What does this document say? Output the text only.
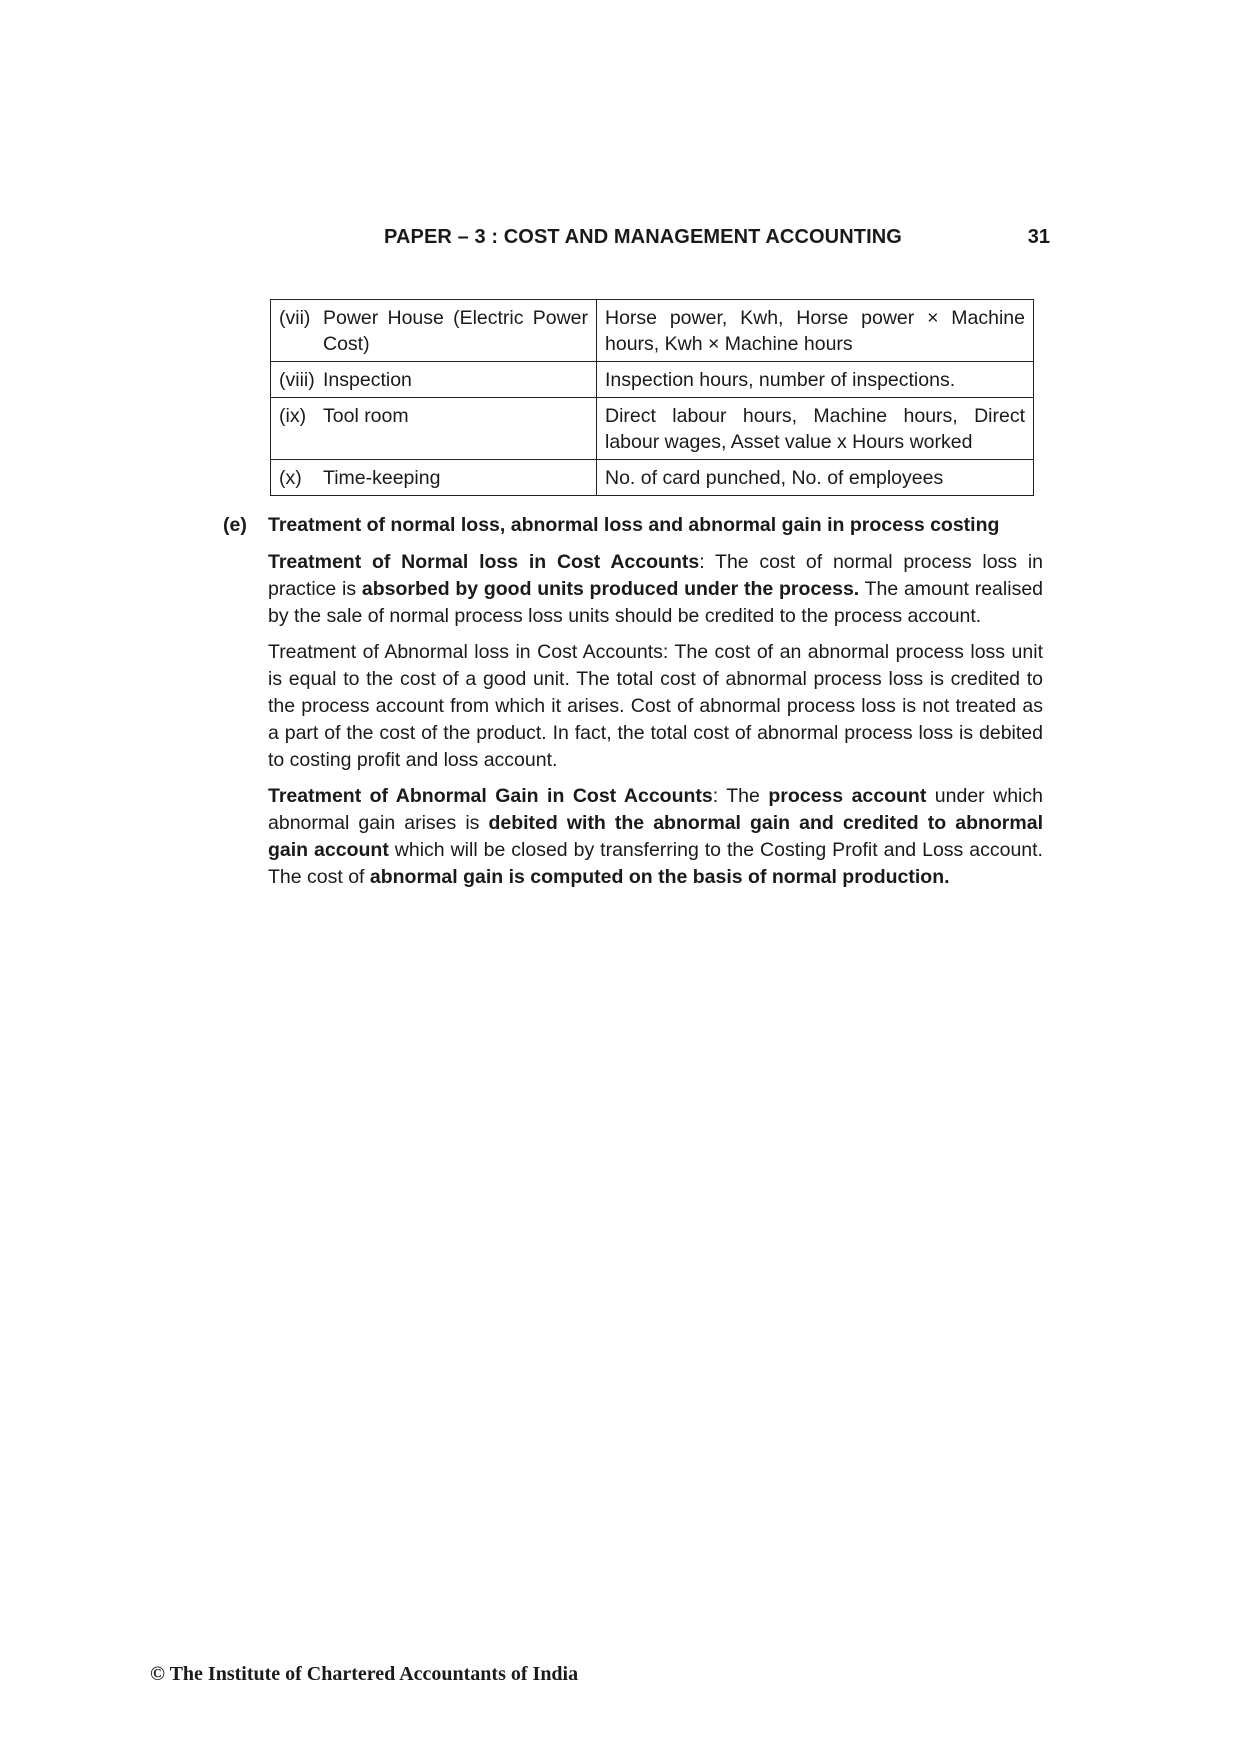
PAPER – 3 : COST AND MANAGEMENT ACCOUNTING	31
(vii) Power House (Electric Power Cost)	Horse power, Kwh, Horse power × Machine hours, Kwh × Machine hours

(viii) Inspection	Inspection hours, number of inspections.

(ix) Tool room	Direct labour hours, Machine hours, Direct labour wages, Asset value x Hours worked

(x) Time-keeping	No. of card punched, No. of employees
(e)	Treatment of normal loss, abnormal loss and abnormal gain in process costing

Treatment of Normal loss in Cost Accounts: The cost of normal process loss in practice is absorbed by good units produced under the process. The amount realised by the sale of normal process loss units should be credited to the process account.

Treatment of Abnormal loss in Cost Accounts: The cost of an abnormal process loss unit is equal to the cost of a good unit. The total cost of abnormal process loss is credited to the process account from which it arises. Cost of abnormal process loss is not treated as a part of the cost of the product. In fact, the total cost of abnormal process loss is debited to costing profit and loss account.

Treatment of Abnormal Gain in Cost Accounts: The process account under which abnormal gain arises is debited with the abnormal gain and credited to abnormal gain account which will be closed by transferring to the Costing Profit and Loss account. The cost of abnormal gain is computed on the basis of normal production.

© The Institute of Chartered Accountants of India
